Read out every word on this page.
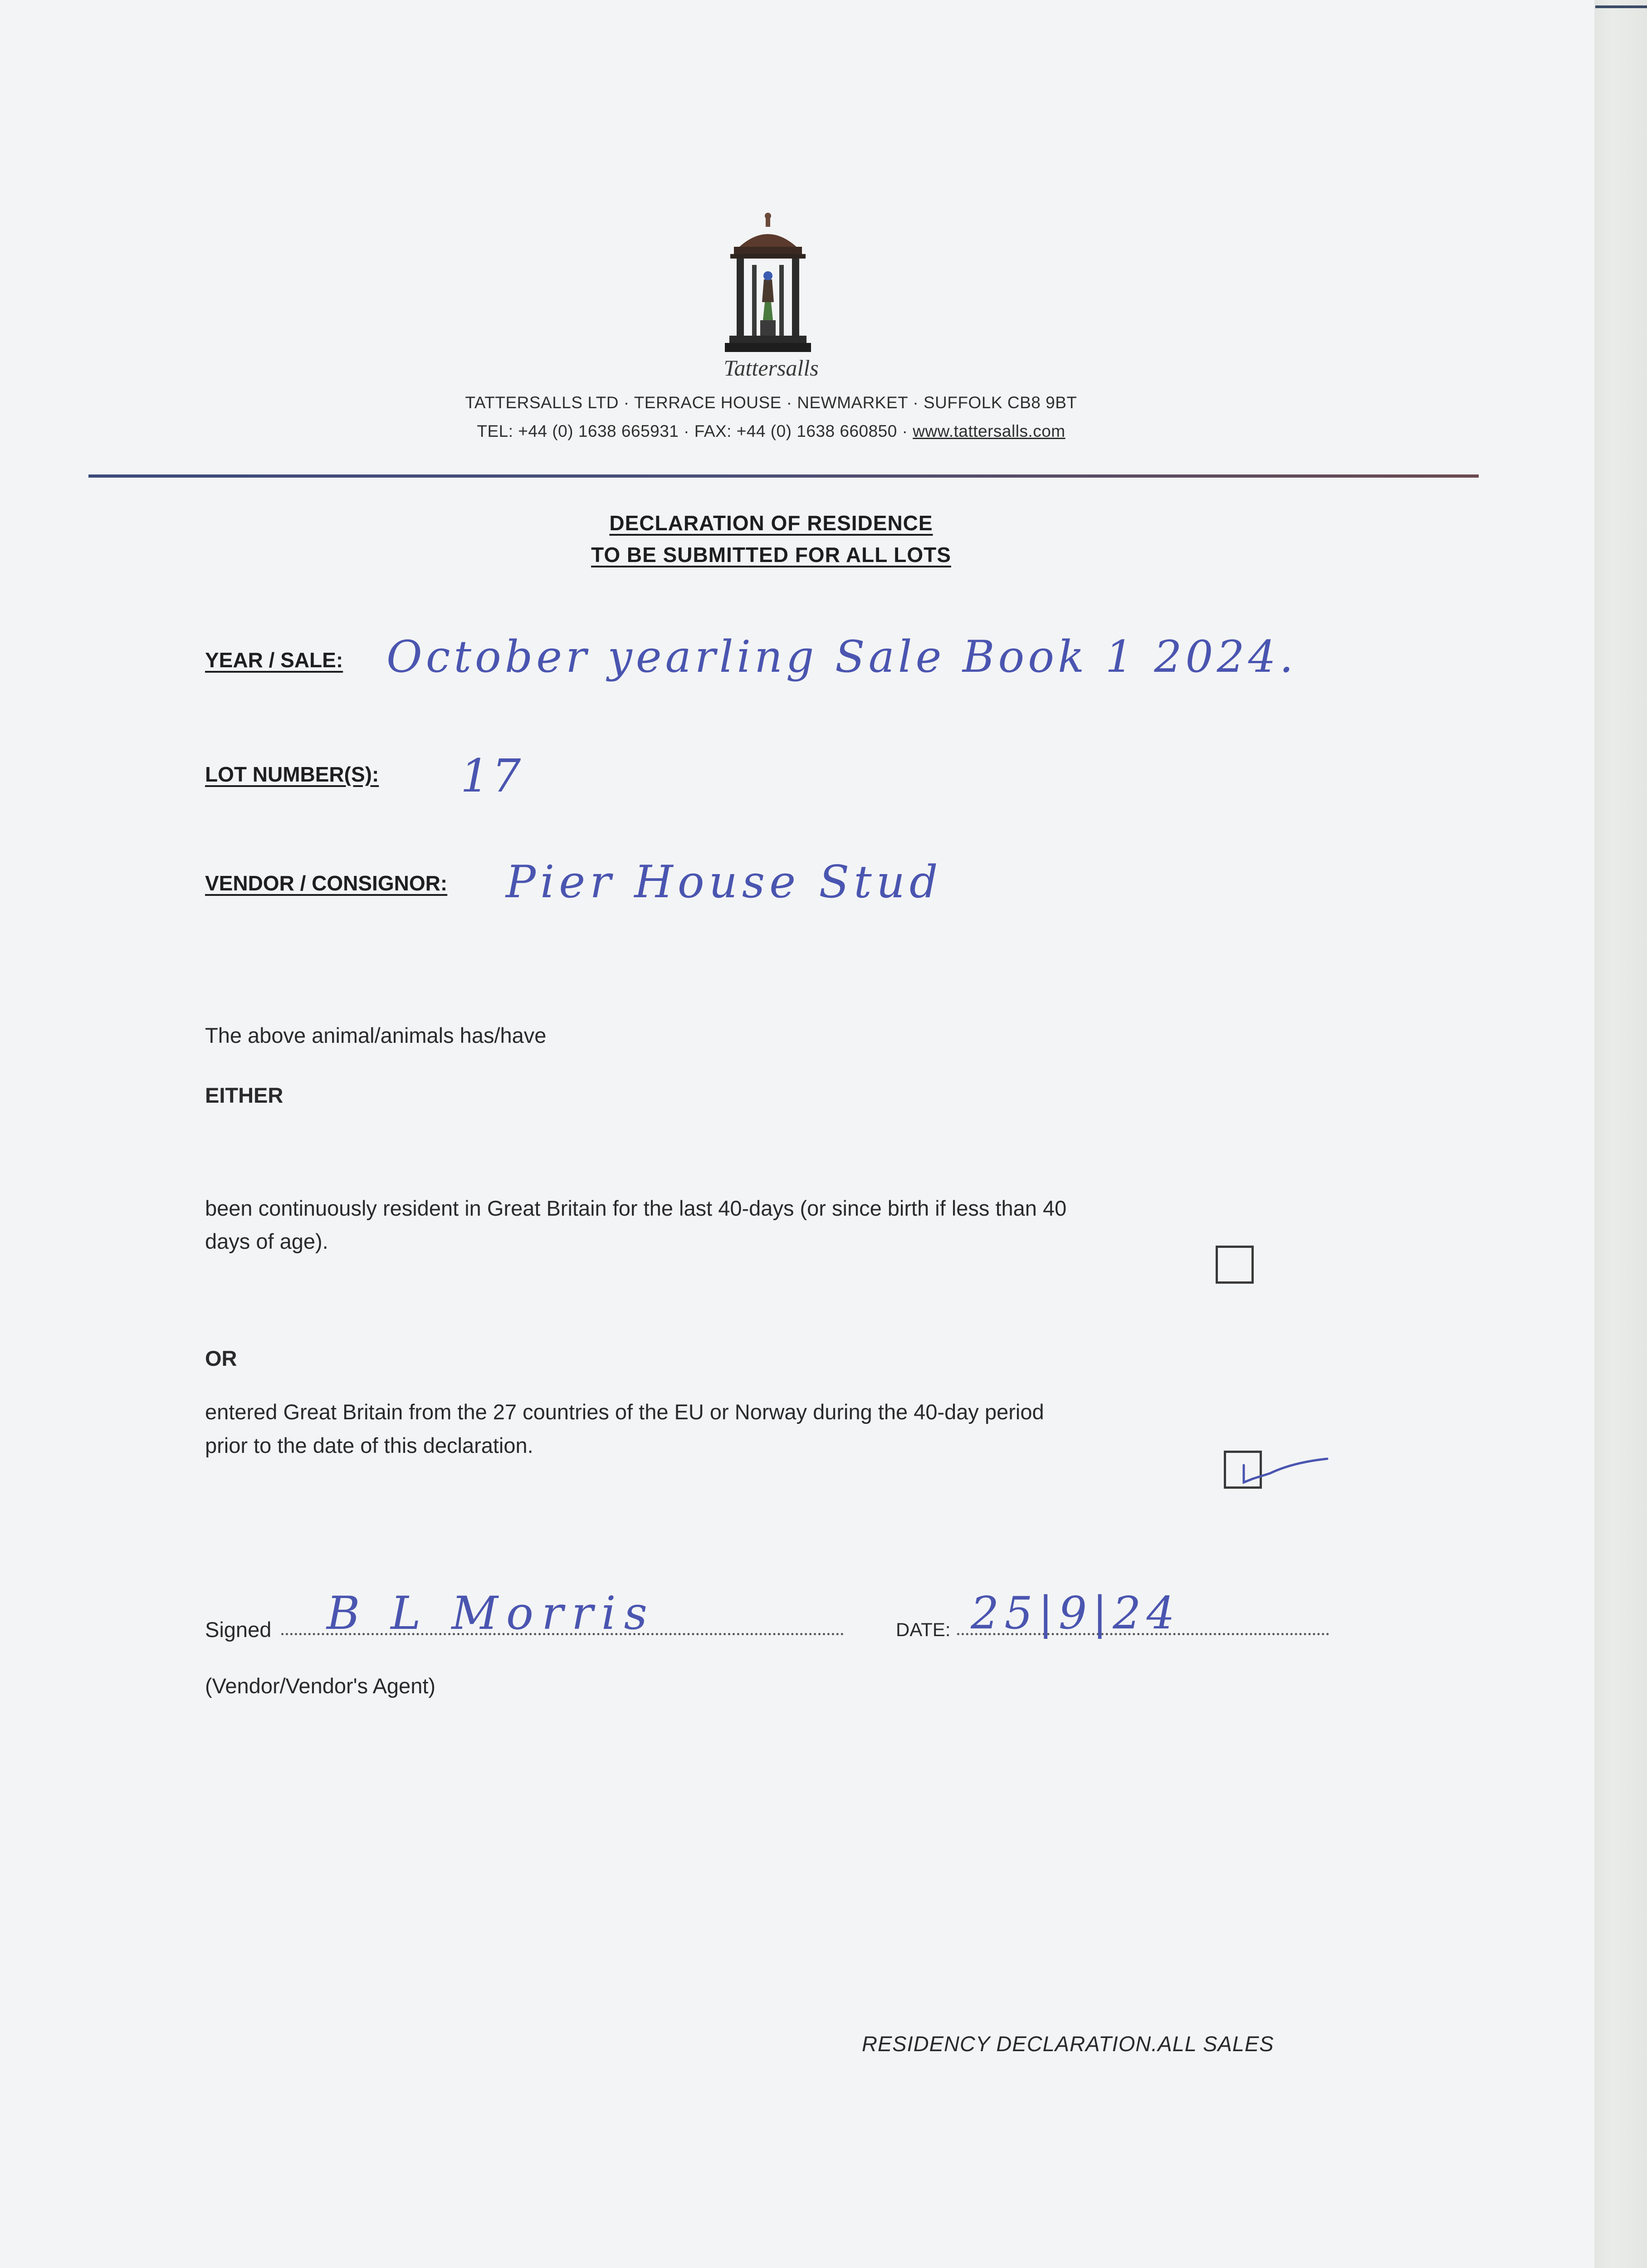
Tattersalls
TATTERSALLS LTD · TERRACE HOUSE · NEWMARKET · SUFFOLK CB8 9BT
TEL: +44 (0) 1638 665931 · FAX: +44 (0) 1638 660850 · www.tattersalls.com
DECLARATION OF RESIDENCE
TO BE SUBMITTED FOR ALL LOTS
YEAR / SALE: October yearling Sale Book 1 2024.
LOT NUMBER(S): 17
VENDOR / CONSIGNOR: Pier House Stud
The above animal/animals has/have
EITHER
been continuously resident in Great Britain for the last 40-days (or since birth if less than 40
days of age).
OR
entered Great Britain from the 27 countries of the EU or Norway during the 40-day period
prior to the date of this declaration.
Signed B L Morris	DATE: 25|9|24
(Vendor/Vendor's Agent)
RESIDENCY DECLARATION.ALL SALES
